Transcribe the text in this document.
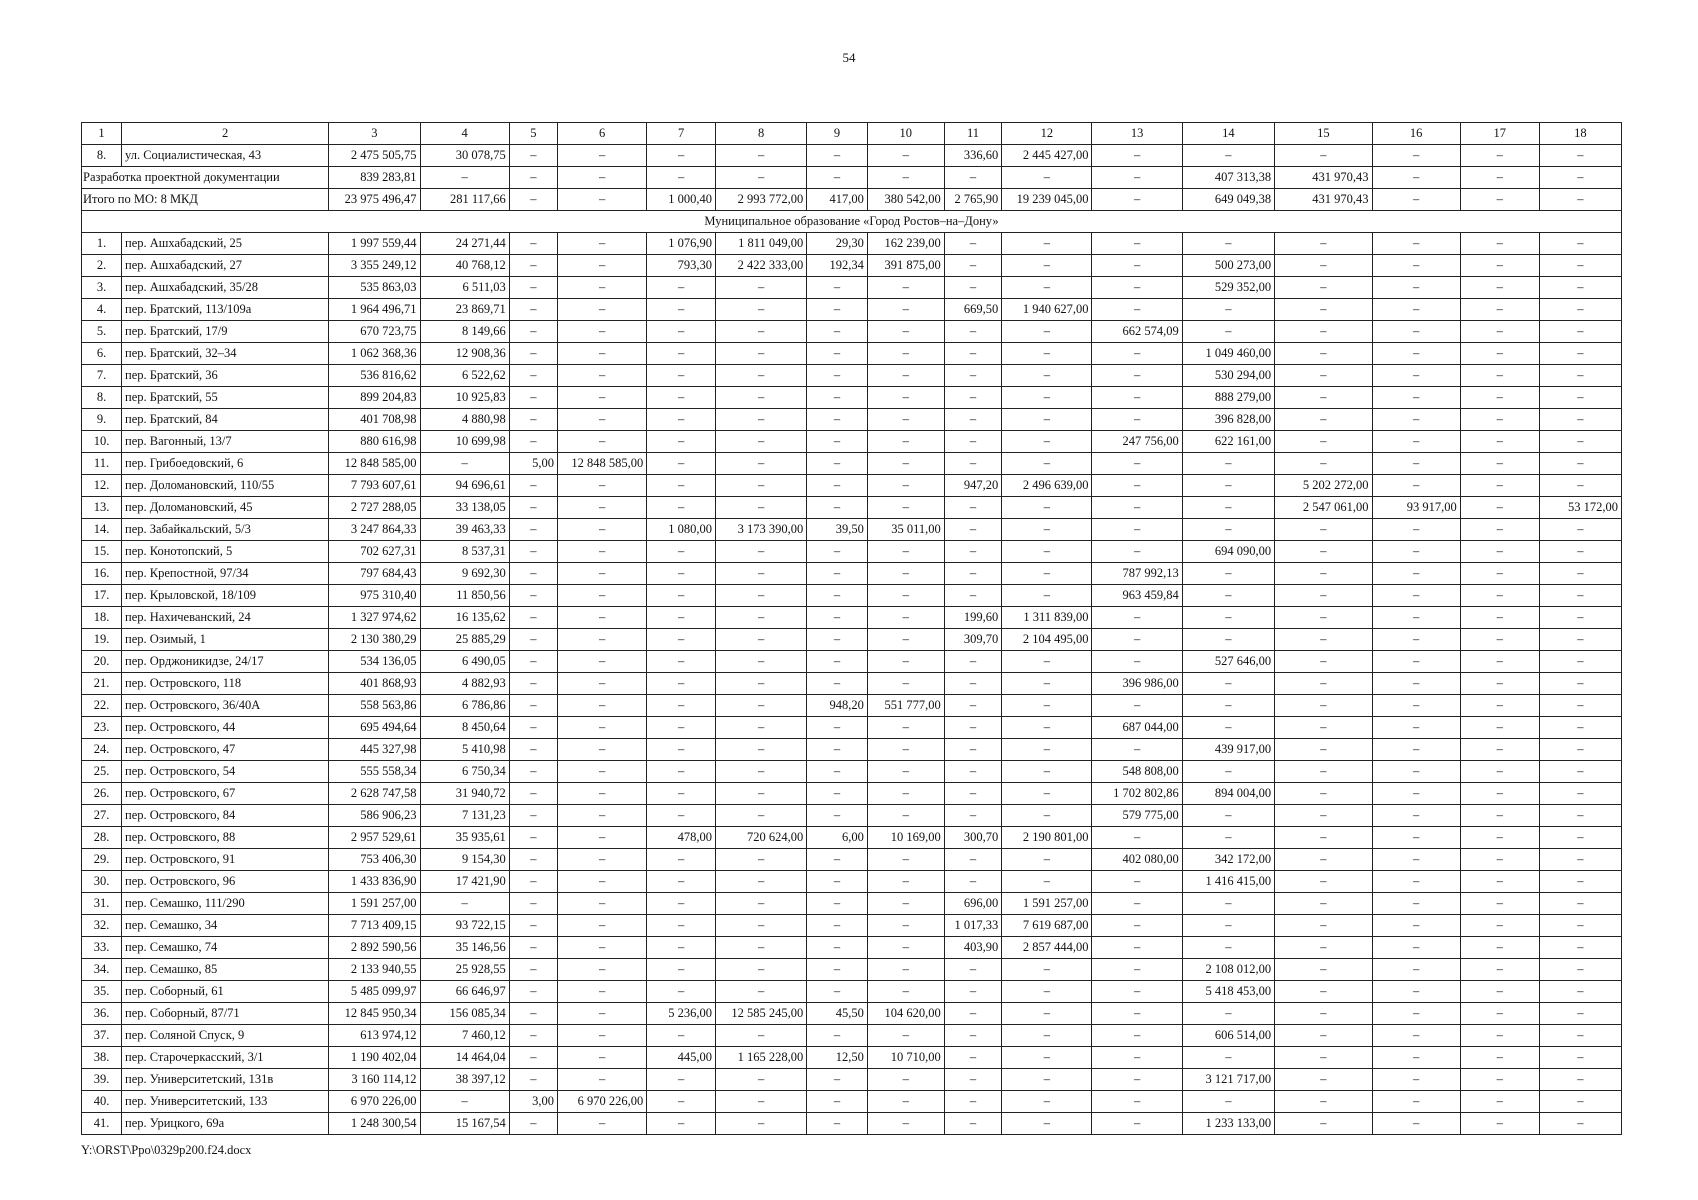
54
1	2	3	4	5	6	7	8	9	10	11	12	13	14	15	16	17	18
8.	ул. Социалистическая, 43	2 475 505,75	30 078,75	–	–	–	–	–	–	336,60	2 445 427,00	–	–	–	–	–	–
Разработка проектной документации		839 283,81	–	–	–	–	–	–	–	–	–	–	407 313,38	431 970,43	–	–	–
Итого по МО: 8 МКД		23 975 496,47	281 117,66	–	–	1 000,40	2 993 772,00	417,00	380 542,00	2 765,90	19 239 045,00	–	649 049,38	431 970,43	–	–	–
Муниципальное образование «Город Ростов–на–Дону»																	
1.	пер. Ашхабадский, 25	1 997 559,44	24 271,44	–	–	1 076,90	1 811 049,00	29,30	162 239,00	–	–	–	–	–	–	–	–
2.	пер. Ашхабадский, 27	3 355 249,12	40 768,12	–	–	793,30	2 422 333,00	192,34	391 875,00	–	–	–	500 273,00	–	–	–	–
3.	пер. Ашхабадский, 35/28	535 863,03	6 511,03	–	–	–	–	–	–	–	–	–	529 352,00	–	–	–	–
4.	пер. Братский, 113/109а	1 964 496,71	23 869,71	–	–	–	–	–	–	669,50	1 940 627,00	–	–	–	–	–	–
5.	пер. Братский, 17/9	670 723,75	8 149,66	–	–	–	–	–	–	–	–	662 574,09	–	–	–	–	–
6.	пер. Братский, 32–34	1 062 368,36	12 908,36	–	–	–	–	–	–	–	–	–	1 049 460,00	–	–	–	–
7.	пер. Братский, 36	536 816,62	6 522,62	–	–	–	–	–	–	–	–	–	530 294,00	–	–	–	–
8.	пер. Братский, 55	899 204,83	10 925,83	–	–	–	–	–	–	–	–	–	888 279,00	–	–	–	–
9.	пер. Братский, 84	401 708,98	4 880,98	–	–	–	–	–	–	–	–	–	396 828,00	–	–	–	–
10.	пер. Вагонный, 13/7	880 616,98	10 699,98	–	–	–	–	–	–	–	–	247 756,00	622 161,00	–	–	–	–
11.	пер. Грибоедовский, 6	12 848 585,00	–	5,00	12 848 585,00	–	–	–	–	–	–	–	–	–	–	–	–
12.	пер. Доломановский, 110/55	7 793 607,61	94 696,61	–	–	–	–	–	–	947,20	2 496 639,00	–	–	5 202 272,00	–	–	–
13.	пер. Доломановский, 45	2 727 288,05	33 138,05	–	–	–	–	–	–	–	–	–	–	2 547 061,00	93 917,00	–	53 172,00
14.	пер. Забайкальский, 5/3	3 247 864,33	39 463,33	–	–	1 080,00	3 173 390,00	39,50	35 011,00	–	–	–	–	–	–	–	–
15.	пер. Конотопский, 5	702 627,31	8 537,31	–	–	–	–	–	–	–	–	–	694 090,00	–	–	–	–
16.	пер. Крепостной, 97/34	797 684,43	9 692,30	–	–	–	–	–	–	–	–	787 992,13	–	–	–	–	–
17.	пер. Крыловской, 18/109	975 310,40	11 850,56	–	–	–	–	–	–	–	–	963 459,84	–	–	–	–	–
18.	пер. Нахичеванский, 24	1 327 974,62	16 135,62	–	–	–	–	–	–	199,60	1 311 839,00	–	–	–	–	–	–
19.	пер. Озимый, 1	2 130 380,29	25 885,29	–	–	–	–	–	–	309,70	2 104 495,00	–	–	–	–	–	–
20.	пер. Орджоникидзе, 24/17	534 136,05	6 490,05	–	–	–	–	–	–	–	–	–	527 646,00	–	–	–	–
21.	пер. Островского, 118	401 868,93	4 882,93	–	–	–	–	–	–	–	–	396 986,00	–	–	–	–	–
22.	пер. Островского, 36/40А	558 563,86	6 786,86	–	–	–	–	948,20	551 777,00	–	–	–	–	–	–	–	–
23.	пер. Островского, 44	695 494,64	8 450,64	–	–	–	–	–	–	–	–	687 044,00	–	–	–	–	–
24.	пер. Островского, 47	445 327,98	5 410,98	–	–	–	–	–	–	–	–	–	439 917,00	–	–	–	–
25.	пер. Островского, 54	555 558,34	6 750,34	–	–	–	–	–	–	–	–	548 808,00	–	–	–	–	–
26.	пер. Островского, 67	2 628 747,58	31 940,72	–	–	–	–	–	–	–	–	1 702 802,86	894 004,00	–	–	–	–
27.	пер. Островского, 84	586 906,23	7 131,23	–	–	–	–	–	–	–	–	579 775,00	–	–	–	–	–
28.	пер. Островского, 88	2 957 529,61	35 935,61	–	–	478,00	720 624,00	6,00	10 169,00	300,70	2 190 801,00	–	–	–	–	–	–
29.	пер. Островского, 91	753 406,30	9 154,30	–	–	–	–	–	–	–	–	402 080,00	342 172,00	–	–	–	–
30.	пер. Островского, 96	1 433 836,90	17 421,90	–	–	–	–	–	–	–	–	–	1 416 415,00	–	–	–	–
31.	пер. Семашко, 111/290	1 591 257,00	–	–	–	–	–	–	–	696,00	1 591 257,00	–	–	–	–	–	–
32.	пер. Семашко, 34	7 713 409,15	93 722,15	–	–	–	–	–	–	1 017,33	7 619 687,00	–	–	–	–	–	–
33.	пер. Семашко, 74	2 892 590,56	35 146,56	–	–	–	–	–	–	403,90	2 857 444,00	–	–	–	–	–	–
34.	пер. Семашко, 85	2 133 940,55	25 928,55	–	–	–	–	–	–	–	–	–	2 108 012,00	–	–	–	–
35.	пер. Соборный, 61	5 485 099,97	66 646,97	–	–	–	–	–	–	–	–	–	5 418 453,00	–	–	–	–
36.	пер. Соборный, 87/71	12 845 950,34	156 085,34	–	–	5 236,00	12 585 245,00	45,50	104 620,00	–	–	–	–	–	–	–	–
37.	пер. Соляной Спуск, 9	613 974,12	7 460,12	–	–	–	–	–	–	–	–	–	606 514,00	–	–	–	–
38.	пер. Старочеркасский, 3/1	1 190 402,04	14 464,04	–	–	445,00	1 165 228,00	12,50	10 710,00	–	–	–	–	–	–	–	–
39.	пер. Университетский, 131в	3 160 114,12	38 397,12	–	–	–	–	–	–	–	–	–	3 121 717,00	–	–	–	–
40.	пер. Университетский, 133	6 970 226,00	–	3,00	6 970 226,00	–	–	–	–	–	–	–	–	–	–	–	–
41.	пер. Урицкого, 69а	1 248 300,54	15 167,54	–	–	–	–	–	–	–	–	–	1 233 133,00	–	–	–	–
Y:\ORST\Ppo\0329p200.f24.docx
